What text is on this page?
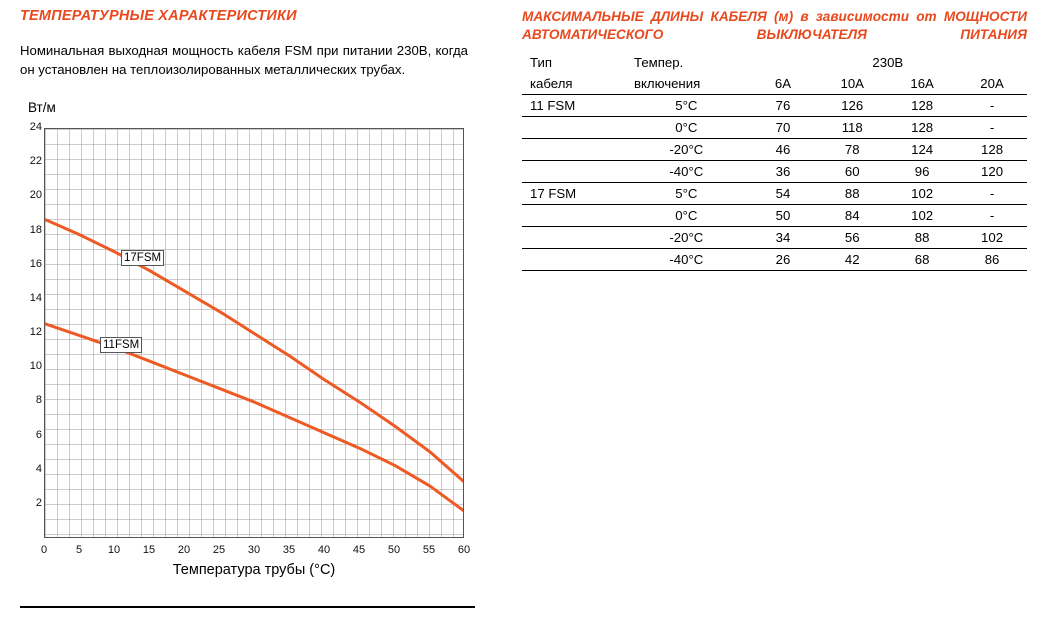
ТЕМПЕРАТУРНЫЕ ХАРАКТЕРИСТИКИ
Номинальная выходная мощность кабеля FSM при питании 230В, когда он установлен на теплоизолированных металлических трубах.
Вт/м
2
4
6
8
10
12
14
16
18
20
22
24
0	5	10	15	20	25	30	35	40	45	50	55	60
17FSM
11FSM
Температура трубы (°C)
МАКСИМАЛЬНЫЕ ДЛИНЫ КАБЕЛЯ (м) в зависимости от МОЩНОСТИ АВТОМАТИЧЕСКОГО ВЫКЛЮЧАТЕЛЯ ПИТАНИЯ
Тип	Темпер.	230В			
кабеля	включения	6A	10A	16A	20A
11 FSM	5°C	76	126	128	-
	0°C	70	118	128	-
	-20°C	46	78	124	128
	-40°C	36	60	96	120
17 FSM	5°C	54	88	102	-
	0°C	50	84	102	-
	-20°C	34	56	88	102
	-40°C	26	42	68	86
